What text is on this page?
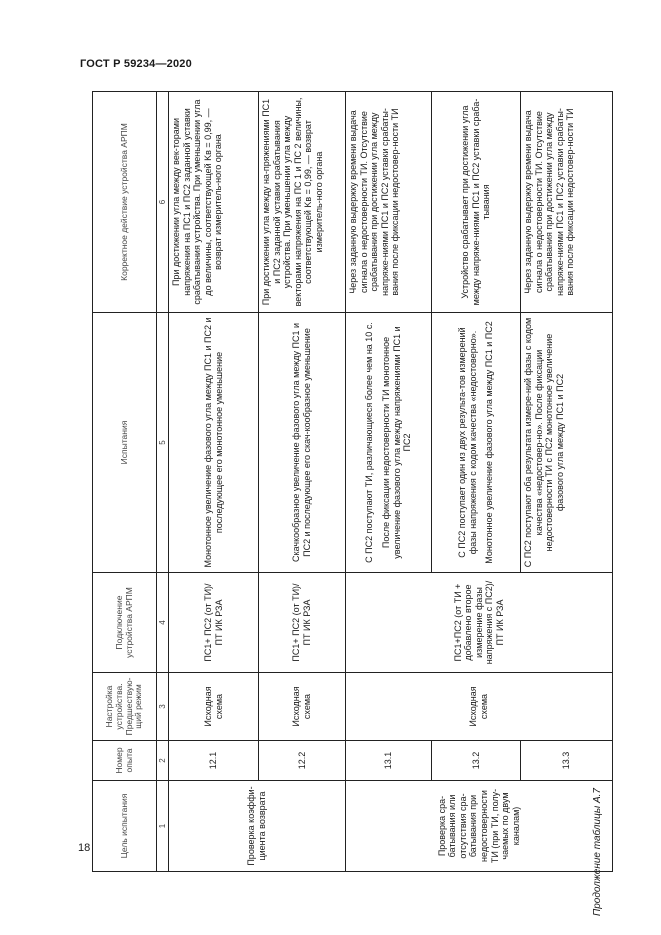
ГОСТ Р 59234—2020
Продолжение таблицы А.7
Цель испытания	Номер опыта	Настройка устройства. Предшествую-щий режим	Подключение устройства АРПМ	Испытания	Корректное действие устройства АРПМ
1	2	3	4	5	6
Проверка коэффи-циента возврата	12.1	Исходная схема	ПС1+ ПС2 (от ТИ)/ ПТ ИК РЗА	Монотонное увеличение фазового угла между ПС1 и ПС2 и последующее его монотонное уменьшение	При достижении угла между век-торами напряжения на ПС1 и ПС2 заданной уставки срабатывания устройства. При уменьшении угла до величины, соответствующей Kв = 0,99, — возврат измеритель-ного органа
	12.2	Исходная схема	ПС1+ ПС2 (от ТИ)/ ПТ ИК РЗА	Скачкообразное увеличение фазового угла между ПС1 и ПС2 и последующее его скач-кообразное уменьшение	При достижении угла между на-пряжениями ПС1 и ПС2 заданной уставки срабатывания устройства. При уменьшении угла между векторами напряжения на ПС 1 и ПС 2 величины, соответствующей Kв = 0,99, — возврат измеритель-ного органа
Проверка сра-батывания или отсутствия сра-батывания при недостоверности ТИ (при ТИ, полу-чаемых по двум каналам)	13.1	Исходная схема	ПС1+ПС2 (от ТИ + добавлено второе измерение фазы напряжения с ПС2)/ПТ ИК РЗА	С ПС2 поступают ТИ, различающиеся более чем на 10 с. После фиксации недостоверности ТИ монотонное увеличение фазового угла между напряжениями ПС1 и ПС2	Через заданную выдержку времени выдача сигнала о недостоверности ТИ. Отсутствие срабатывания при достижении угла между напряже-ниями ПС1 и ПС2 уставки срабаты-вания после фиксации недостовер-ности ТИ
	13.2			С ПС2 поступает один из двух результа-тов измерений фазы напряжения с кодом качества «недостоверно». Монотонное увеличение фазового угла между ПС1 и ПС2	Устройство срабатывает при достижении угла между напряже-ниями ПС1 и ПС2 уставки сраба-тывания
	13.3			С ПС2 поступают оба результата измере-ний фазы с кодом качества «недостовер-но». После фиксации недостоверности ТИ с ПС2 монотонное увеличение фазового угла между ПС1 и ПС2	Через заданную выдержку времени выдача сигнала о недостоверности ТИ. Отсутствие срабатывания при достижении угла между напряже-ниями ПС1 и ПС2 уставки срабаты-вания после фиксации недостовер-ности ТИ
18
